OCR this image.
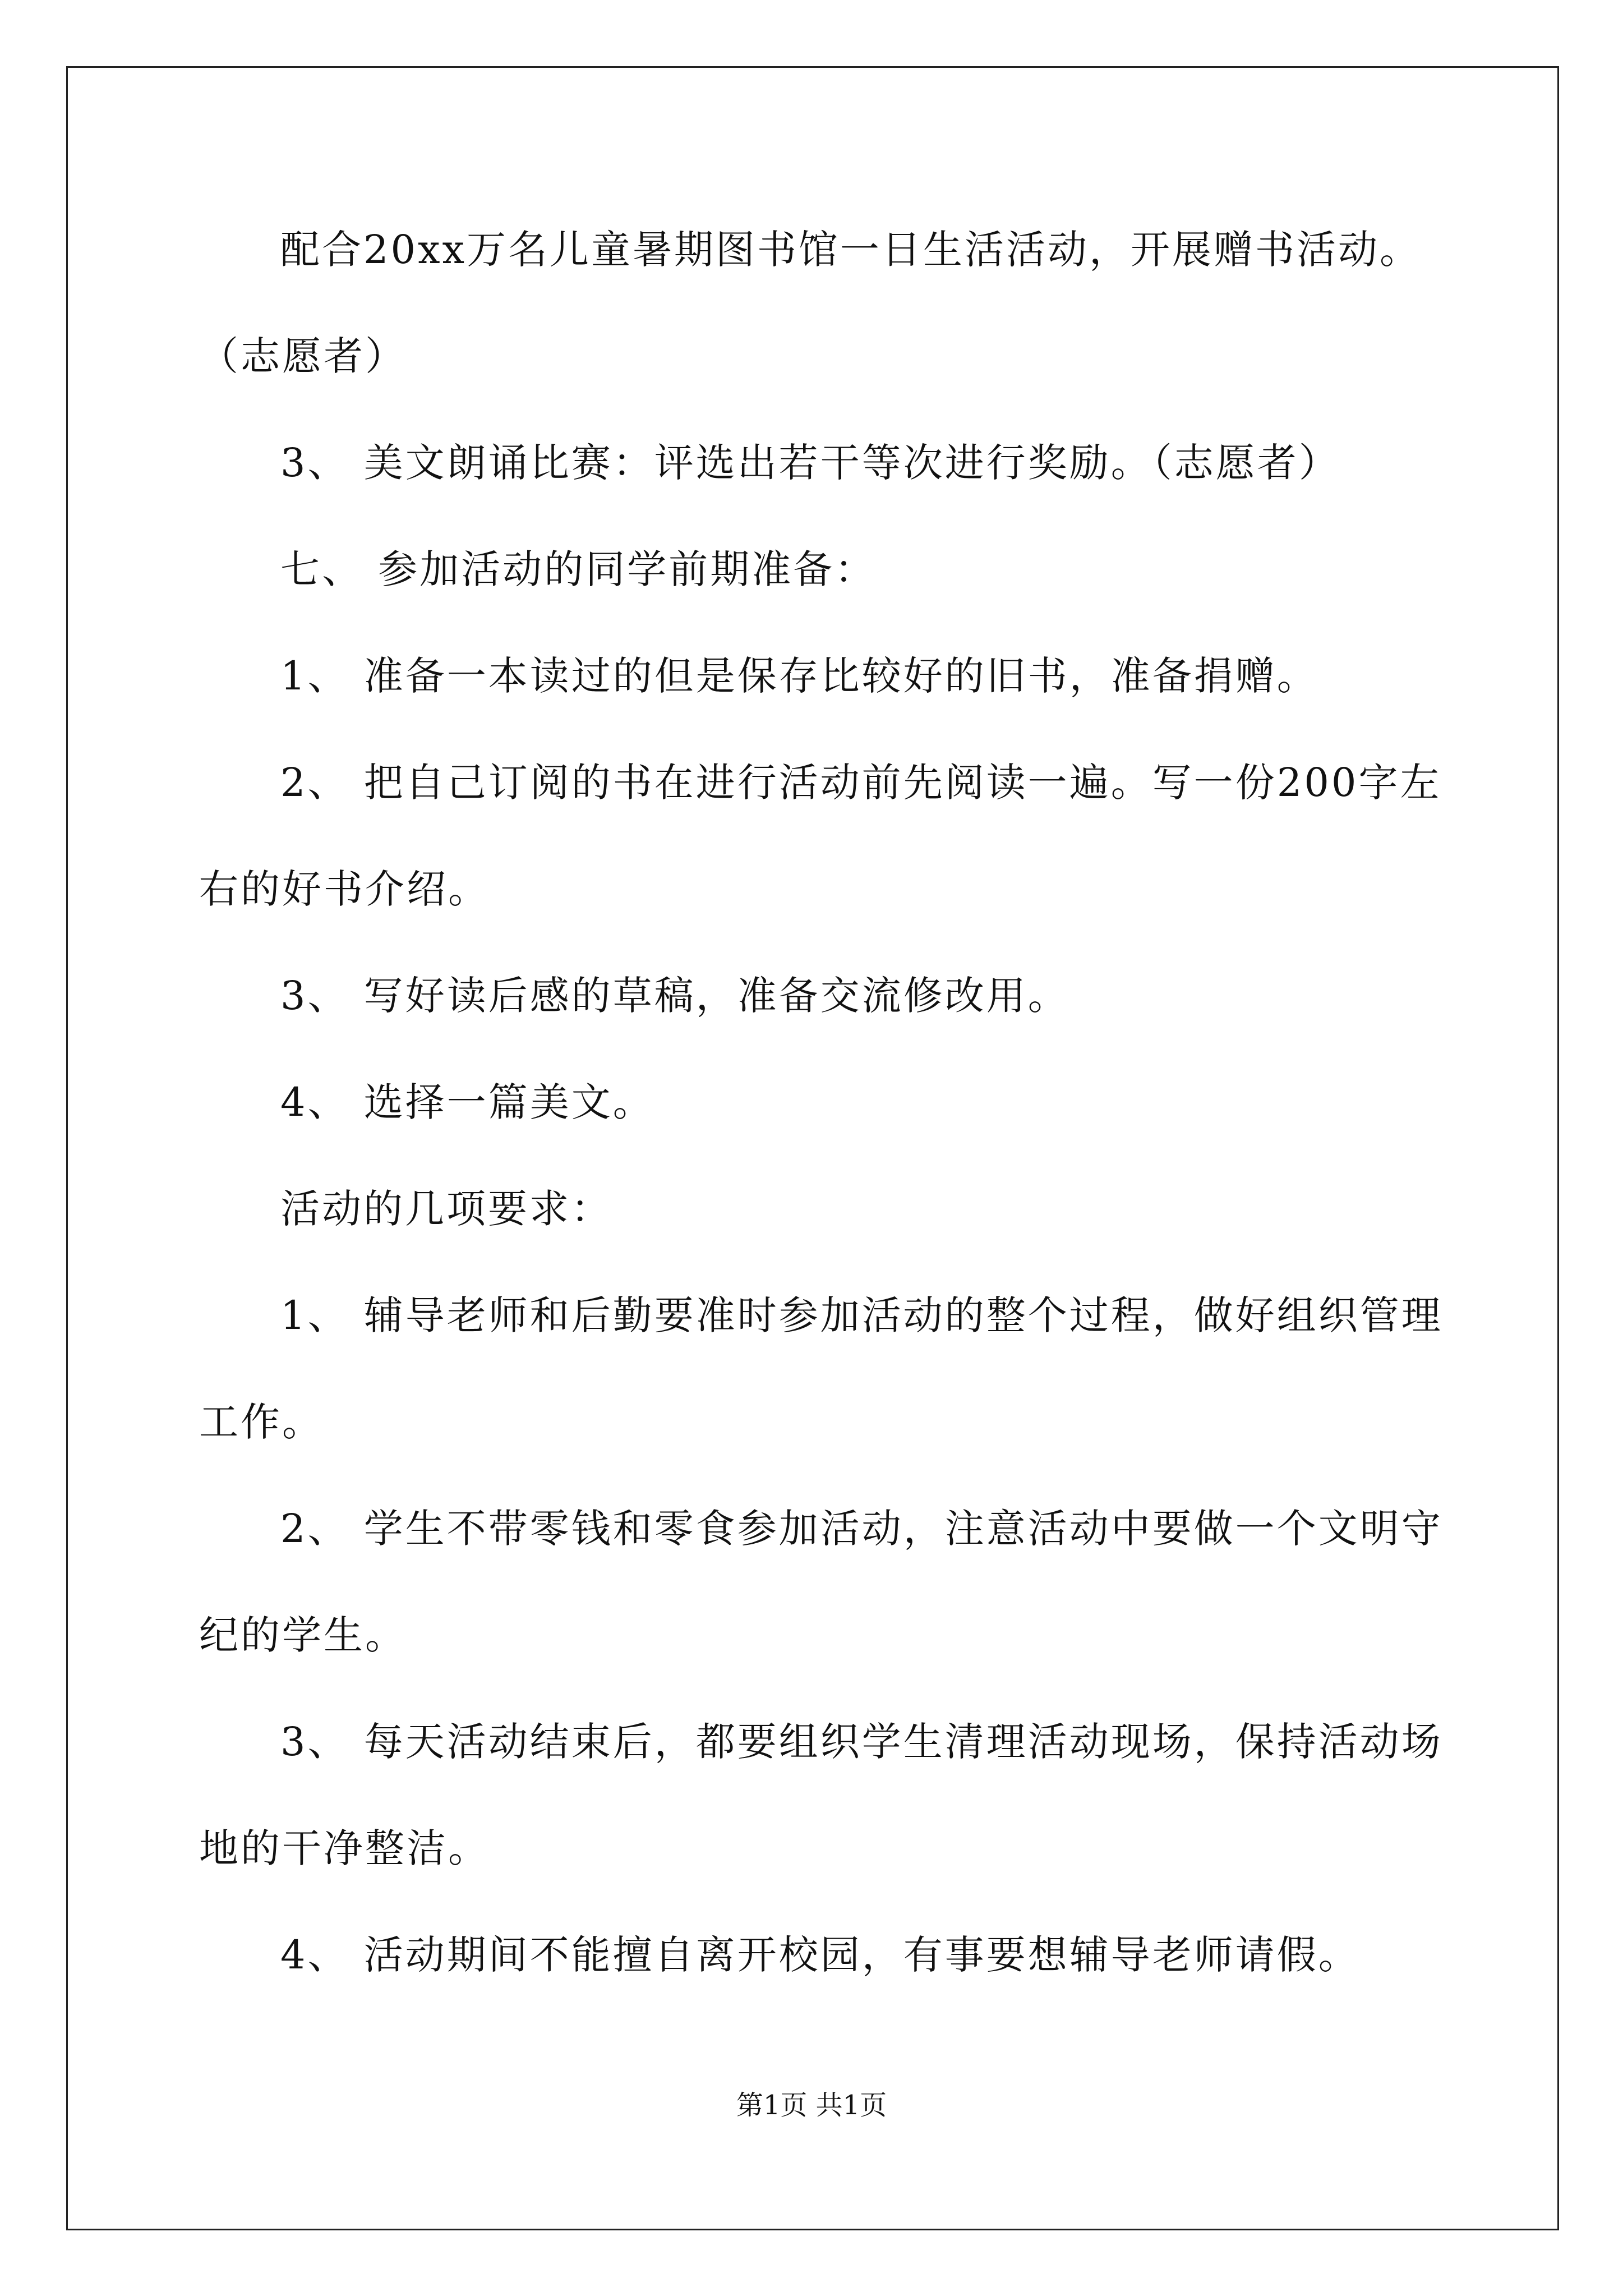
配合20xx万名儿童暑期图书馆一日生活活动，开展赠书活动。
（志愿者）
3、 美文朗诵比赛：评选出若干等次进行奖励。（志愿者）
七、 参加活动的同学前期准备：
1、 准备一本读过的但是保存比较好的旧书，准备捐赠。
2、 把自己订阅的书在进行活动前先阅读一遍。写一份200字左
右的好书介绍。
3、 写好读后感的草稿，准备交流修改用。
4、 选择一篇美文。
活动的几项要求：
1、 辅导老师和后勤要准时参加活动的整个过程，做好组织管理
工作。
2、 学生不带零钱和零食参加活动，注意活动中要做一个文明守
纪的学生。
3、 每天活动结束后，都要组织学生清理活动现场，保持活动场
地的干净整洁。
4、 活动期间不能擅自离开校园，有事要想辅导老师请假。
第1页 共1页
